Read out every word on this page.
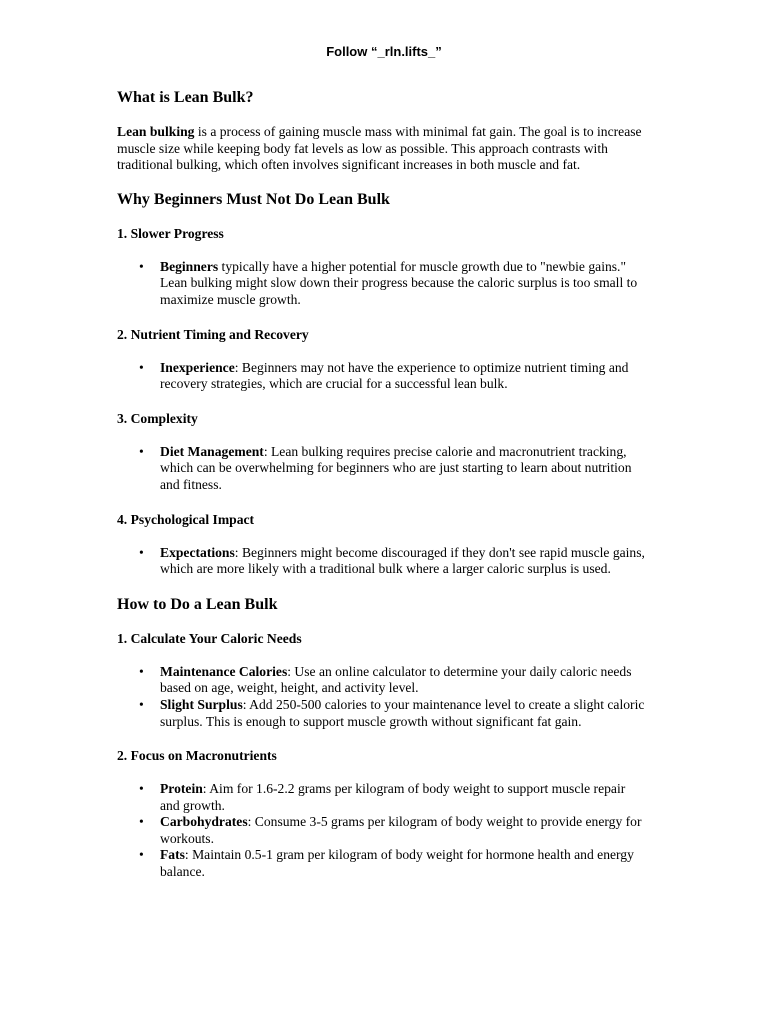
Follow “_rln.lifts_”
What is Lean Bulk?

Lean bulking is a process of gaining muscle mass with minimal fat gain. The goal is to increase muscle size while keeping body fat levels as low as possible. This approach contrasts with traditional bulking, which often involves significant increases in both muscle and fat.

Why Beginners Must Not Do Lean Bulk
1. Slower Progress
• Beginners typically have a higher potential for muscle growth due to "newbie gains." Lean bulking might slow down their progress because the caloric surplus is too small to maximize muscle growth.
2. Nutrient Timing and Recovery
• Inexperience: Beginners may not have the experience to optimize nutrient timing and recovery strategies, which are crucial for a successful lean bulk.
3. Complexity
• Diet Management: Lean bulking requires precise calorie and macronutrient tracking, which can be overwhelming for beginners who are just starting to learn about nutrition and fitness.
4. Psychological Impact
• Expectations: Beginners might become discouraged if they don't see rapid muscle gains, which are more likely with a traditional bulk where a larger caloric surplus is used.
How to Do a Lean Bulk
1. Calculate Your Caloric Needs
• Maintenance Calories: Use an online calculator to determine your daily caloric needs based on age, weight, height, and activity level.
• Slight Surplus: Add 250-500 calories to your maintenance level to create a slight caloric surplus. This is enough to support muscle growth without significant fat gain.
2. Focus on Macronutrients
• Protein: Aim for 1.6-2.2 grams per kilogram of body weight to support muscle repair and growth.
• Carbohydrates: Consume 3-5 grams per kilogram of body weight to provide energy for workouts.
• Fats: Maintain 0.5-1 gram per kilogram of body weight for hormone health and energy balance.
